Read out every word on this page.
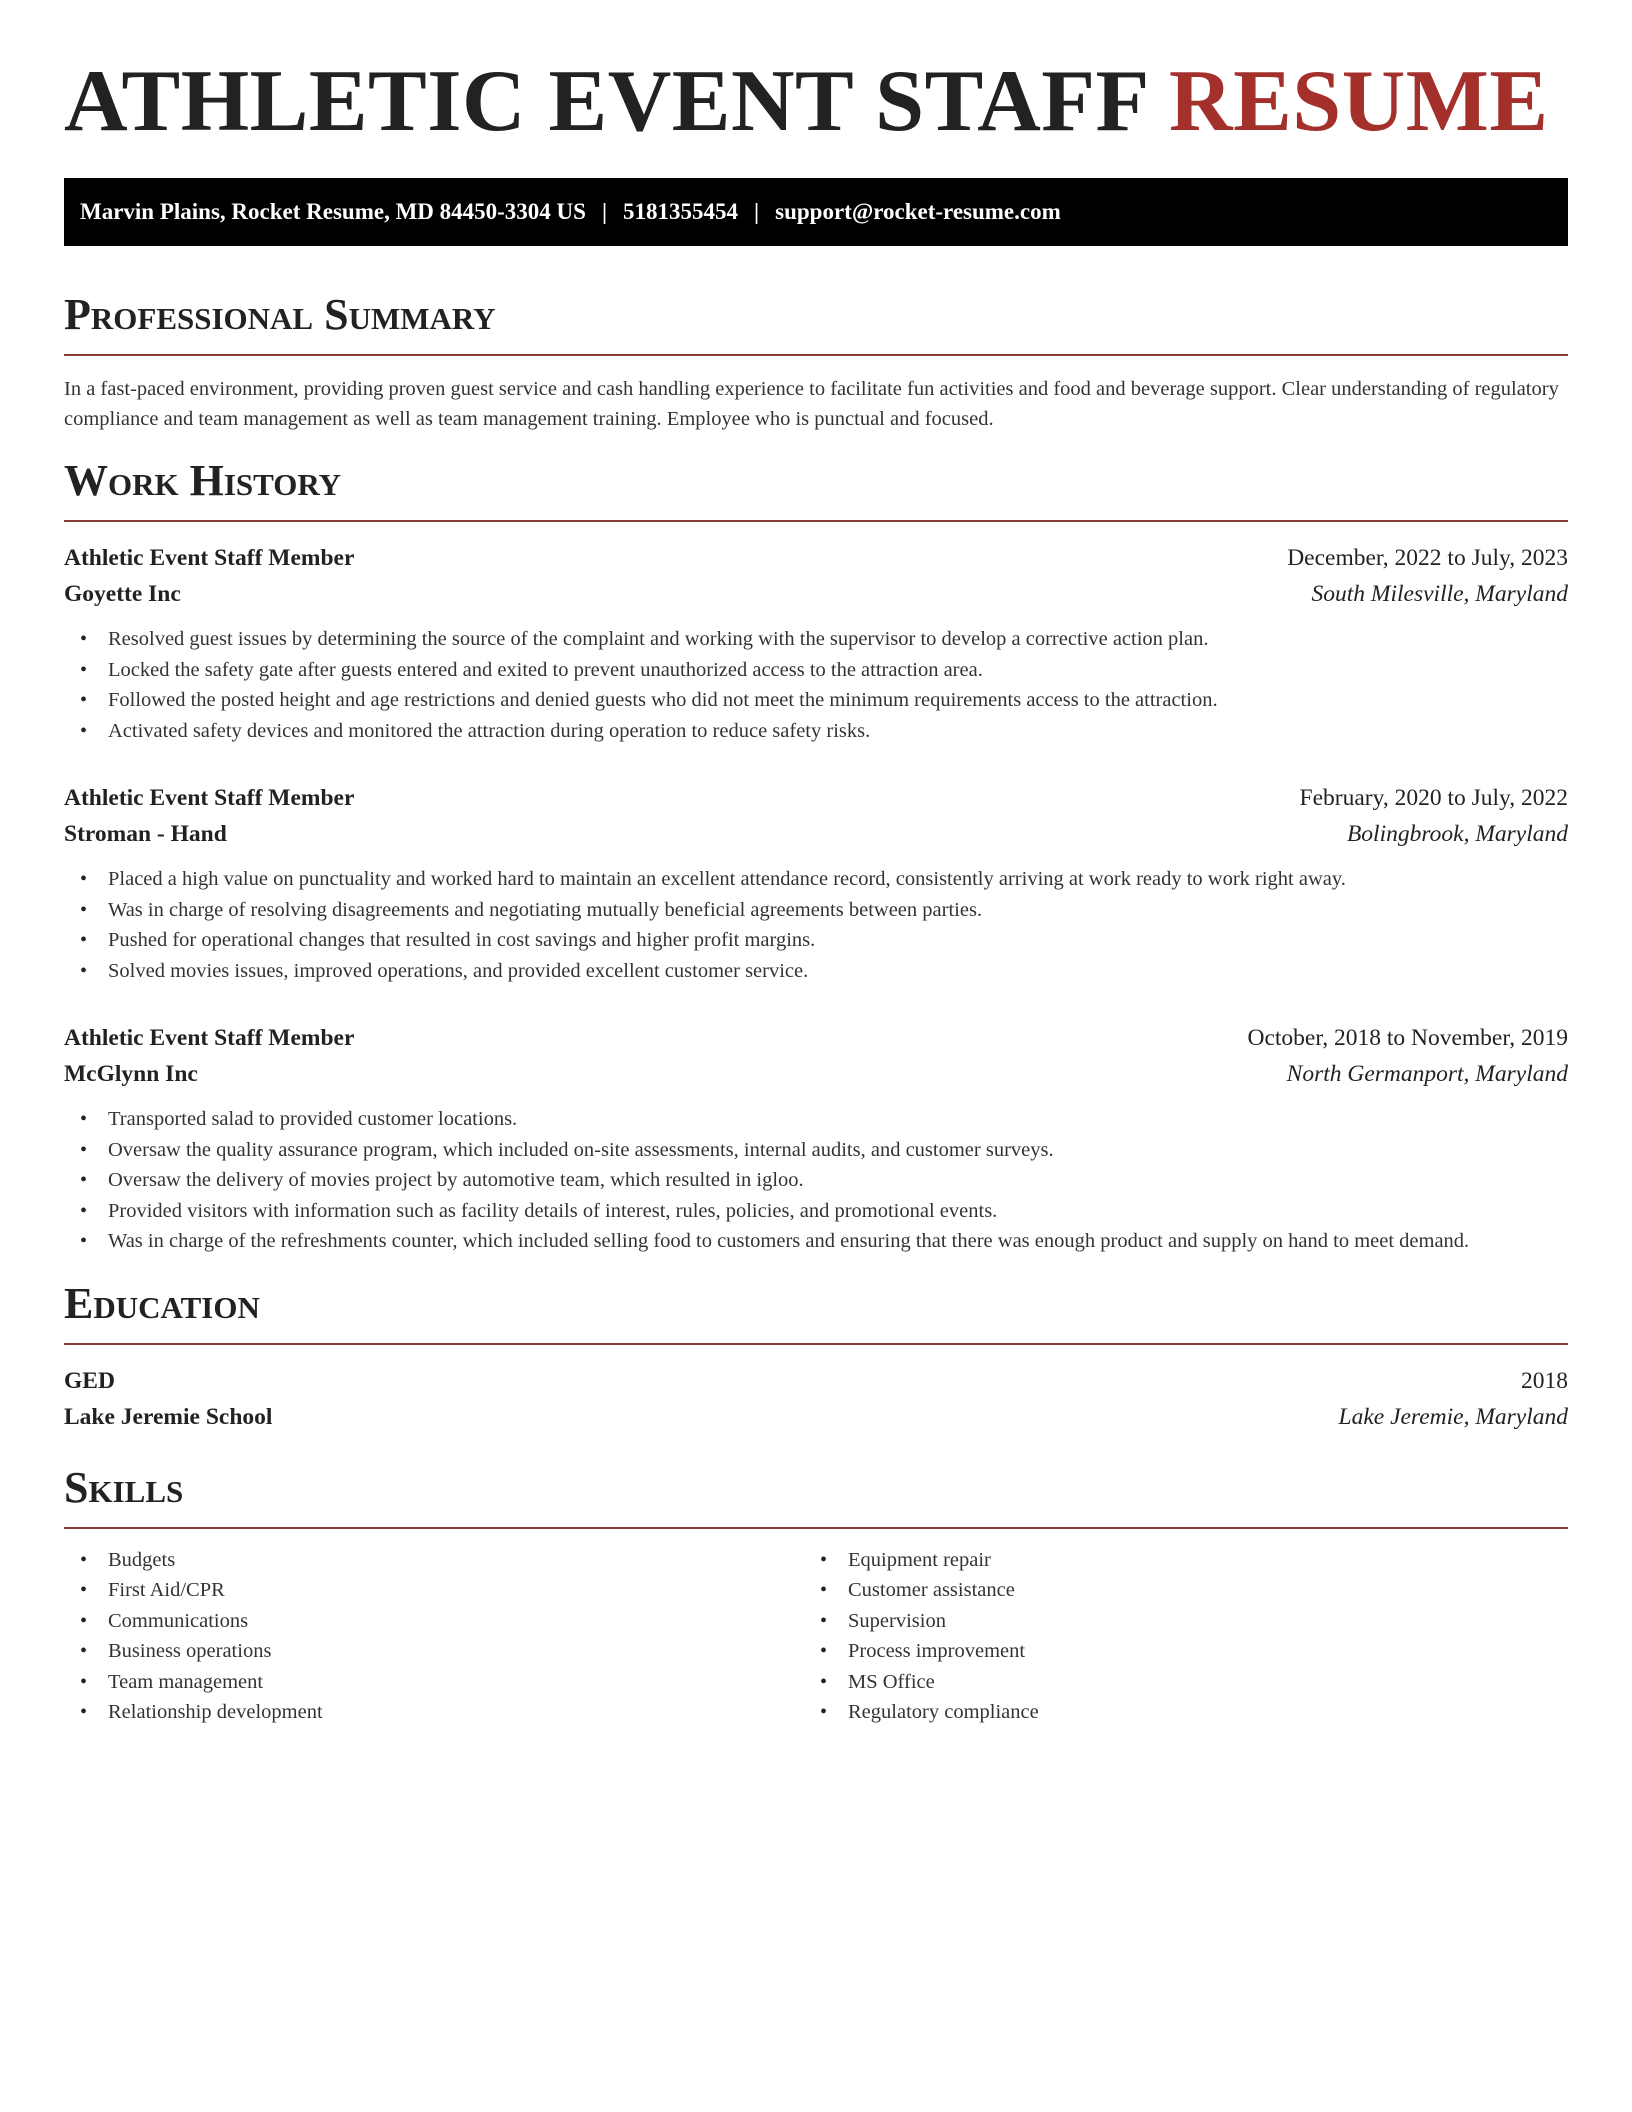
ATHLETIC EVENT STAFF RESUME
Marvin Plains, Rocket Resume, MD 84450-3304 US | 5181355454 | support@rocket-resume.com
Professional Summary

In a fast-paced environment, providing proven guest service and cash handling experience to facilitate fun activities and food and beverage support. Clear understanding of regulatory compliance and team management as well as team management training. Employee who is punctual and focused.

Work History
Athletic Event Staff Member	December, 2022 to July, 2023
Goyette Inc	South Milesville, Maryland
• Resolved guest issues by determining the source of the complaint and working with the supervisor to develop a corrective action plan.
• Locked the safety gate after guests entered and exited to prevent unauthorized access to the attraction area.
• Followed the posted height and age restrictions and denied guests who did not meet the minimum requirements access to the attraction.
• Activated safety devices and monitored the attraction during operation to reduce safety risks.
Athletic Event Staff Member	February, 2020 to July, 2022
Stroman - Hand	Bolingbrook, Maryland
• Placed a high value on punctuality and worked hard to maintain an excellent attendance record, consistently arriving at work ready to work right away.
• Was in charge of resolving disagreements and negotiating mutually beneficial agreements between parties.
• Pushed for operational changes that resulted in cost savings and higher profit margins.
• Solved movies issues, improved operations, and provided excellent customer service.
Athletic Event Staff Member	October, 2018 to November, 2019
McGlynn Inc	North Germanport, Maryland
• Transported salad to provided customer locations.
• Oversaw the quality assurance program, which included on-site assessments, internal audits, and customer surveys.
• Oversaw the delivery of movies project by automotive team, which resulted in igloo.
• Provided visitors with information such as facility details of interest, rules, policies, and promotional events.
• Was in charge of the refreshments counter, which included selling food to customers and ensuring that there was enough product and supply on hand to meet demand.
Education
GED	2018
Lake Jeremie School	Lake Jeremie, Maryland
Skills
• Budgets
• First Aid/CPR
• Communications
• Business operations
• Team management
• Relationship development
• Equipment repair
• Customer assistance
• Supervision
• Process improvement
• MS Office
• Regulatory compliance
